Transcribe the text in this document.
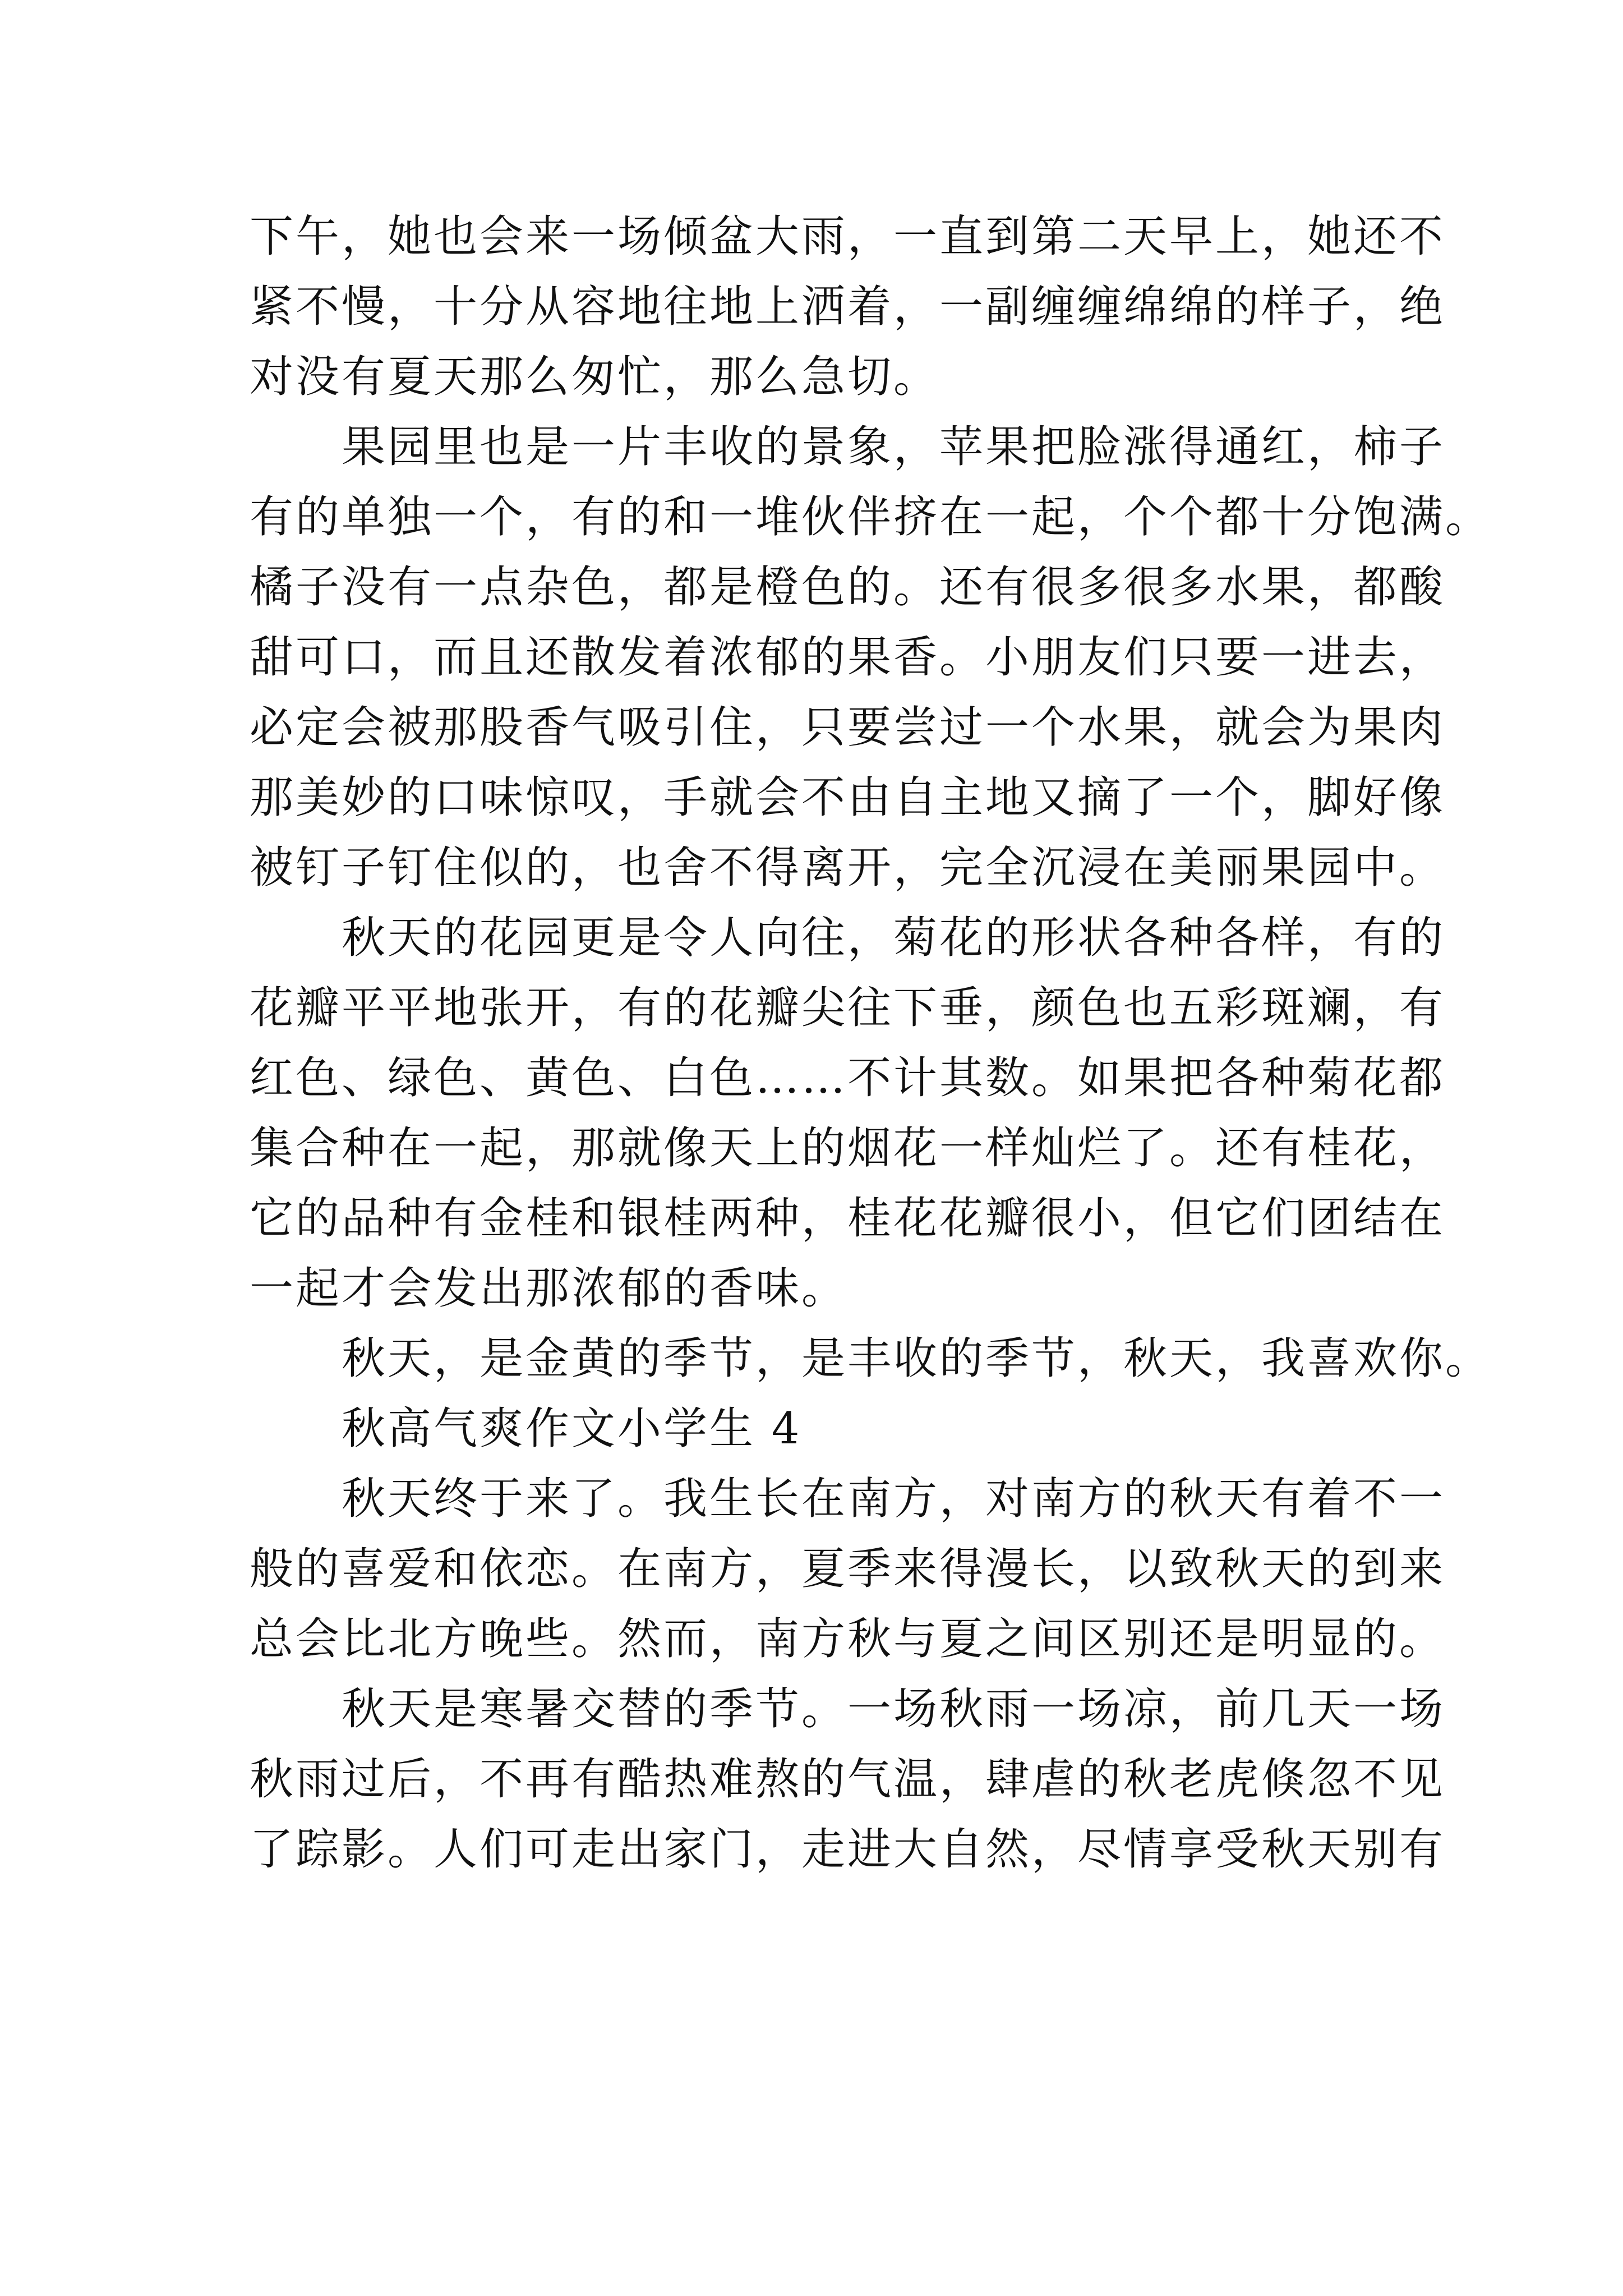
下午，她也会来一场倾盆大雨，一直到第二天早上，她还不
紧不慢，十分从容地往地上洒着，一副缠缠绵绵的样子，绝
对没有夏天那么匆忙，那么急切。
　　果园里也是一片丰收的景象，苹果把脸涨得通红，柿子
有的单独一个，有的和一堆伙伴挤在一起，个个都十分饱满。
橘子没有一点杂色，都是橙色的。还有很多很多水果，都酸
甜可口，而且还散发着浓郁的果香。小朋友们只要一进去，
必定会被那股香气吸引住，只要尝过一个水果，就会为果肉
那美妙的口味惊叹，手就会不由自主地又摘了一个，脚好像
被钉子钉住似的，也舍不得离开，完全沉浸在美丽果园中。
　　秋天的花园更是令人向往，菊花的形状各种各样，有的
花瓣平平地张开，有的花瓣尖往下垂，颜色也五彩斑斓，有
红色、绿色、黄色、白色……不计其数。如果把各种菊花都
集合种在一起，那就像天上的烟花一样灿烂了。还有桂花，
它的品种有金桂和银桂两种，桂花花瓣很小，但它们团结在
一起才会发出那浓郁的香味。
　　秋天，是金黄的季节，是丰收的季节，秋天，我喜欢你。
　　秋高气爽作文小学生 4
　　秋天终于来了。我生长在南方，对南方的秋天有着不一
般的喜爱和依恋。在南方，夏季来得漫长，以致秋天的到来
总会比北方晚些。然而，南方秋与夏之间区别还是明显的。
　　秋天是寒暑交替的季节。一场秋雨一场凉，前几天一场
秋雨过后，不再有酷热难熬的气温，肆虐的秋老虎倏忽不见
了踪影。人们可走出家门，走进大自然，尽情享受秋天别有
